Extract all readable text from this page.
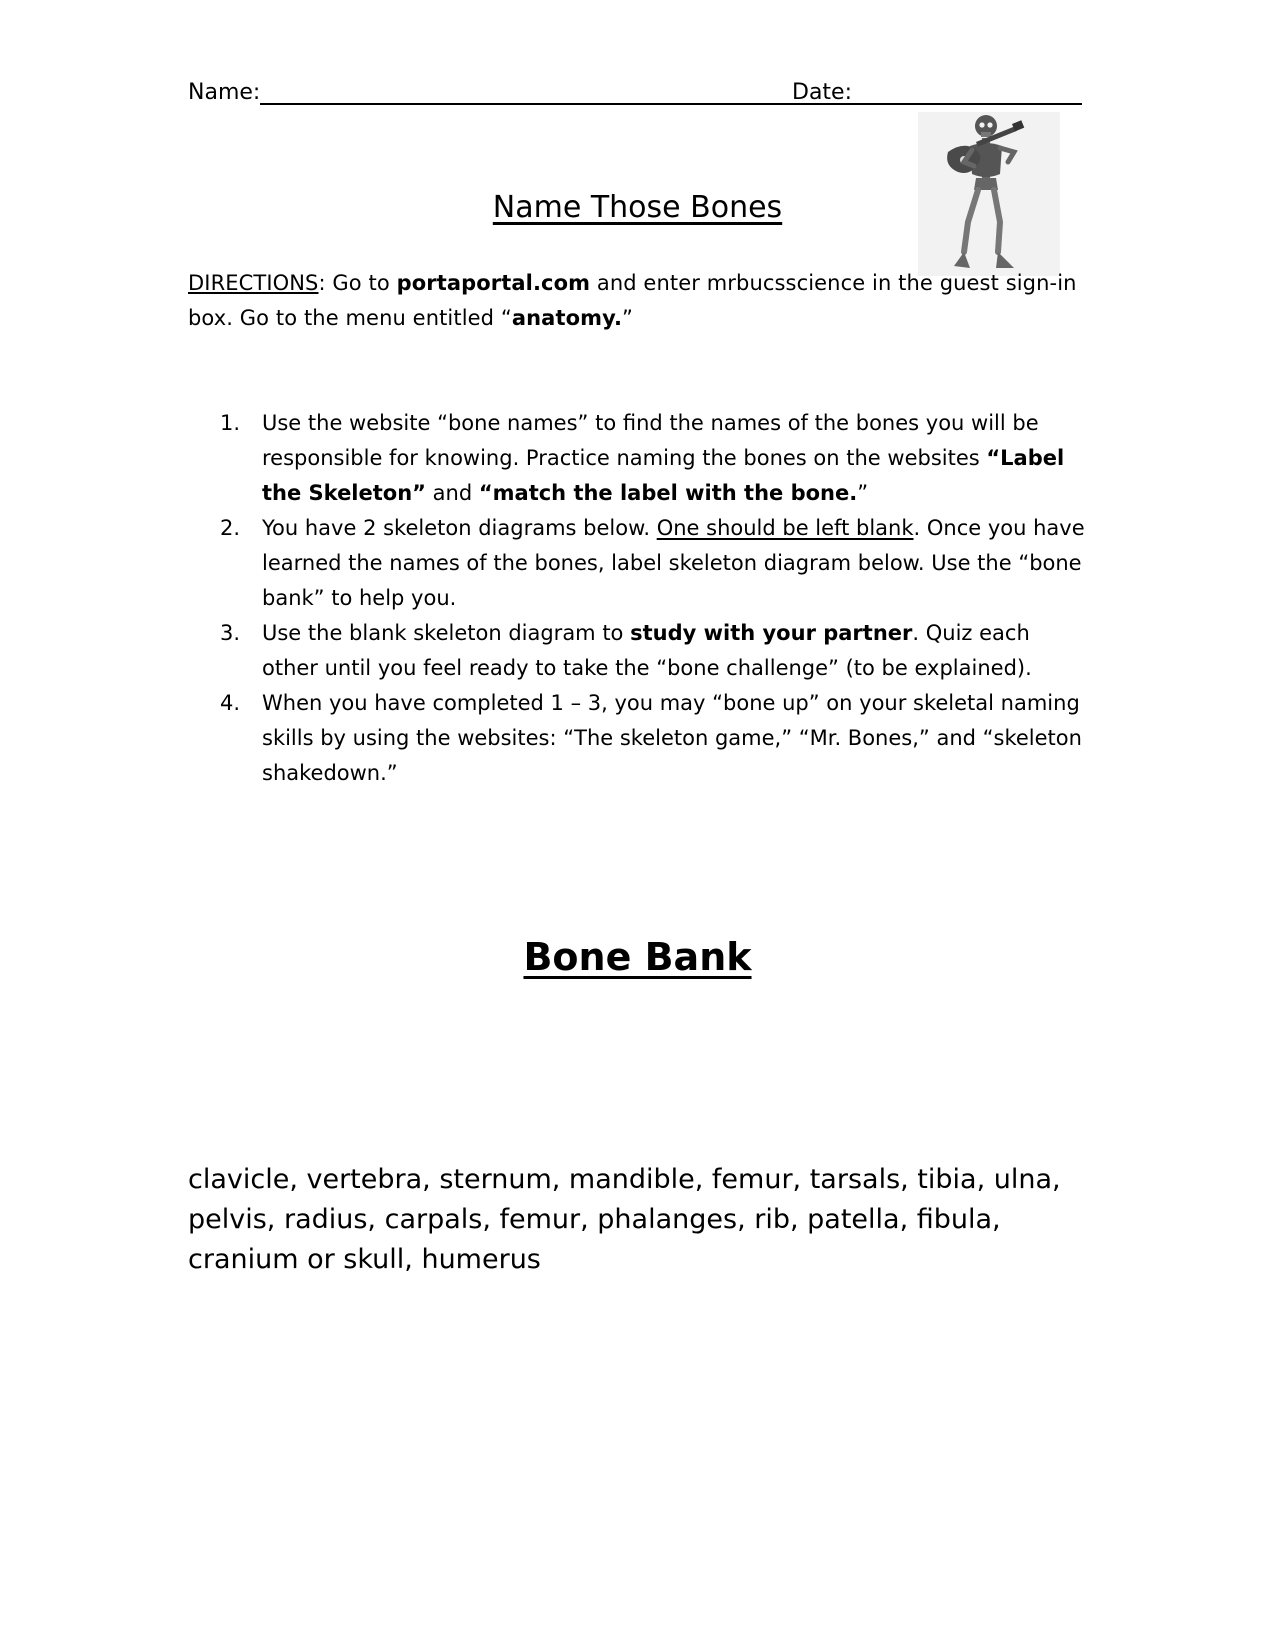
Name:	Date:
Name Those Bones
DIRECTIONS: Go to portaportal.com and enter mrbucsscience in the guest sign-in box. Go to the menu entitled “anatomy.”
1. Use the website “bone names” to find the names of the bones you will be responsible for knowing. Practice naming the bones on the websites “Label the Skeleton” and “match the label with the bone.”
2. You have 2 skeleton diagrams below. One should be left blank. Once you have learned the names of the bones, label skeleton diagram below. Use the “bone bank” to help you.
3. Use the blank skeleton diagram to study with your partner. Quiz each other until you feel ready to take the “bone challenge” (to be explained).
4. When you have completed 1 – 3, you may “bone up” on your skeletal naming skills by using the websites: “The skeleton game,” “Mr. Bones,” and “skeleton shakedown.”
Bone Bank
clavicle, vertebra, sternum, mandible, femur, tarsals, tibia, ulna, pelvis, radius, carpals, femur, phalanges, rib, patella, fibula, cranium or skull, humerus
